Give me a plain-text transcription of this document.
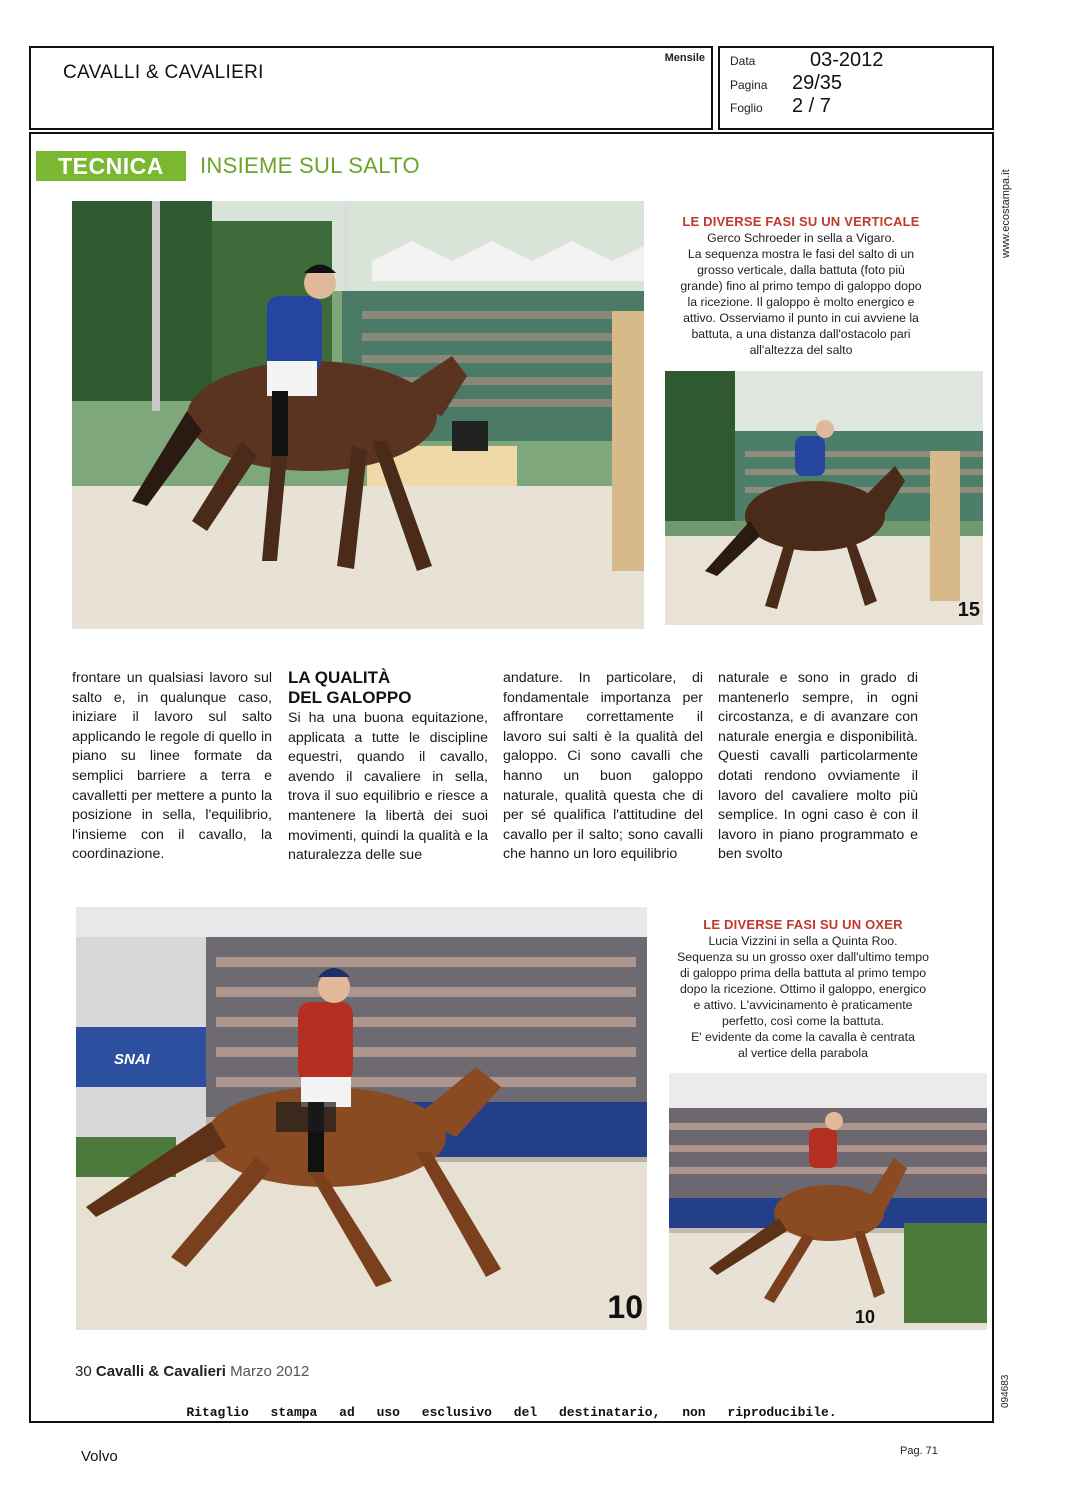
CAVALLI & CAVALIERI
Mensile Data	03-2012
Pagina 29/35
Foglio 2 / 7
www.ecostampa.it
094683
TECNICA	INSIEME SUL SALTO
15
LE DIVERSE FASI SU UN VERTICALE
Gerco Schroeder in sella a Vigaro.
La sequenza mostra le fasi del salto di un
grosso verticale, dalla battuta (foto più
grande) fino al primo tempo di galoppo dopo
la ricezione. Il galoppo è molto energico e
attivo. Osserviamo il punto in cui avviene la
battuta, a una distanza dall'ostacolo pari
all'altezza del salto
frontare un qualsiasi lavoro sul salto e, in qualunque caso, iniziare il lavoro sul salto applicando le regole di quello in piano su linee formate da semplici barriere a terra e cavalletti per mettere a punto la posizione in sella, l'equilibrio, l'insieme con il cavallo, la coordinazione.
LA QUALITÀ
DEL GALOPPO
Si ha una buona equitazione, applicata a tutte le discipline equestri, quando il cavallo, avendo il cavaliere in sella, trova il suo equilibrio e riesce a mantenere la libertà dei suoi movimenti, quindi la qualità e la naturalezza delle sue
andature. In particolare, di fondamentale importanza per affrontare correttamente il lavoro sui salti è la qualità del galoppo. Ci sono cavalli che hanno un buon galoppo naturale, qualità questa che di per sé qualifica l'attitudine del cavallo per il salto; sono cavalli che hanno un loro equilibrio
naturale e sono in grado di mantenerlo sempre, in ogni circostanza, e di avanzare con naturale energia e disponibilità. Questi cavalli particolarmente dotati rendono ovviamente il lavoro del cavaliere molto più semplice. In ogni caso è con il lavoro in piano programmato e ben svolto
LE DIVERSE FASI SU UN OXER
Lucia Vizzini in sella a Quinta Roo.
Sequenza su un grosso oxer dall'ultimo tempo
di galoppo prima della battuta al primo tempo
dopo la ricezione. Ottimo il galoppo, energico
e attivo. L'avvicinamento è praticamente
perfetto, così come la battuta.
E' evidente da come la cavalla è centrata
al vertice della parabola
SNAI
10	10
30 Cavalli & Cavalieri Marzo 2012
Ritaglio stampa ad uso esclusivo del destinatario, non riproducibile.
Volvo	Pag. 71
